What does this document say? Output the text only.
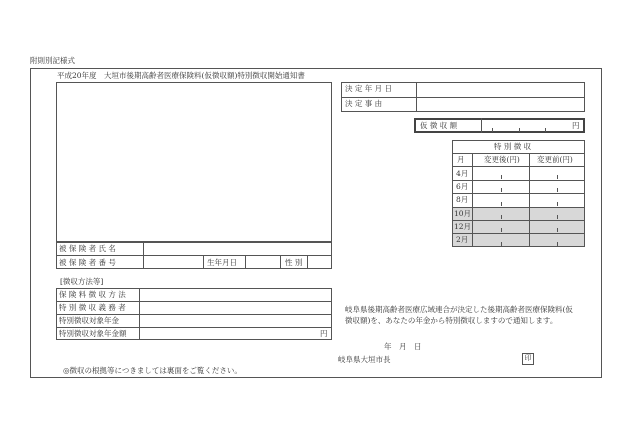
附則別記様式
平成20年度　大垣市後期高齢者医療保険料(仮徴収額)特別徴収開始通知書
決 定 年 月 日
決 定 事 由
仮 徴 収 額	円
特 別 徴 収
月	変更後(円) 変更前(円)
4月
6月
8月
10月
12月
2月
被 保 険 者 氏 名
被 保 険 者 番 号	生年月日	性 別
[徴収方法等]
保 険 料 徴 収 方 法
特 別 徴 収 義 務 者
特別徴収対象年金
特別徴収対象年金額	円
岐阜県後期高齢者医療広域連合が決定した後期高齢者医療保険料(仮
徴収額)を、あなたの年金から特別徴収しますので通知します。
年　月　日
岐阜県大垣市長	印
◎徴収の根拠等につきましては裏面をご覧ください。
